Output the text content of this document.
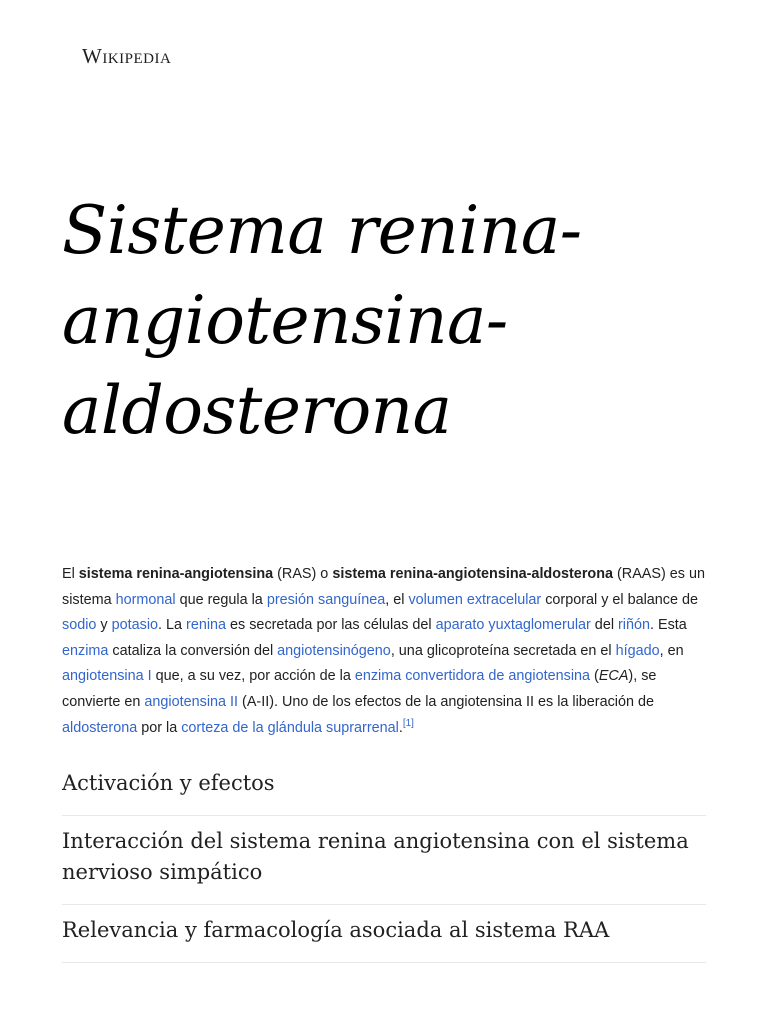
Wikipedia
Sistema renina-angiotensina-aldosterona

El sistema renina-angiotensina (RAS) o sistema renina-angiotensina-aldosterona (RAAS) es un sistema hormonal que regula la presión sanguínea, el volumen extracelular corporal y el balance de sodio y potasio. La renina es secretada por las células del aparato yuxtaglomerular del riñón. Esta enzima cataliza la conversión del angiotensinógeno, una glicoproteína secretada en el hígado, en angiotensina I que, a su vez, por acción de la enzima convertidora de angiotensina (ECA), se convierte en angiotensina II (A-II). Uno de los efectos de la angiotensina II es la liberación de aldosterona por la corteza de la glándula suprarrenal.[1]

Activación y efectos
Interacción del sistema renina angiotensina con el sistema nervioso simpático
Relevancia y farmacología asociada al sistema RAA
